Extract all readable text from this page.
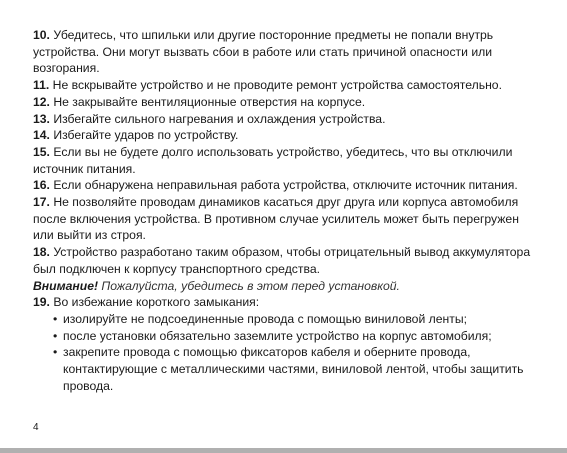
10. Убедитесь, что шпильки или другие посторонние предметы не попали внутрь устройства. Они могут вызвать сбои в работе или стать причиной опасности или возгорания.
11. Не вскрывайте устройство и не проводите ремонт устройства самостоятельно.
12. Не закрывайте вентиляционные отверстия на корпусе.
13. Избегайте сильного нагревания и охлаждения устройства.
14. Избегайте ударов по устройству.
15. Если вы не будете долго использовать устройство, убедитесь, что вы отключили источник питания.
16. Если обнаружена неправильная работа устройства, отключите источник питания.
17. Не позволяйте проводам динамиков касаться друг друга или корпуса автомобиля после включения устройства. В противном случае усилитель может быть перегружен или выйти из строя.
18. Устройство разработано таким образом, чтобы отрицательный вывод аккумулятора был подключен к корпусу транспортного средства.
Внимание! Пожалуйста, убедитесь в этом перед установкой.
19. Во избежание короткого замыкания:
• изолируйте не подсоединенные провода с помощью виниловой ленты;
• после установки обязательно заземлите устройство на корпус автомобиля;
• закрепите провода с помощью фиксаторов кабеля и оберните провода, контактирующие с металлическими частями, виниловой лентой, чтобы защитить провода.
4
